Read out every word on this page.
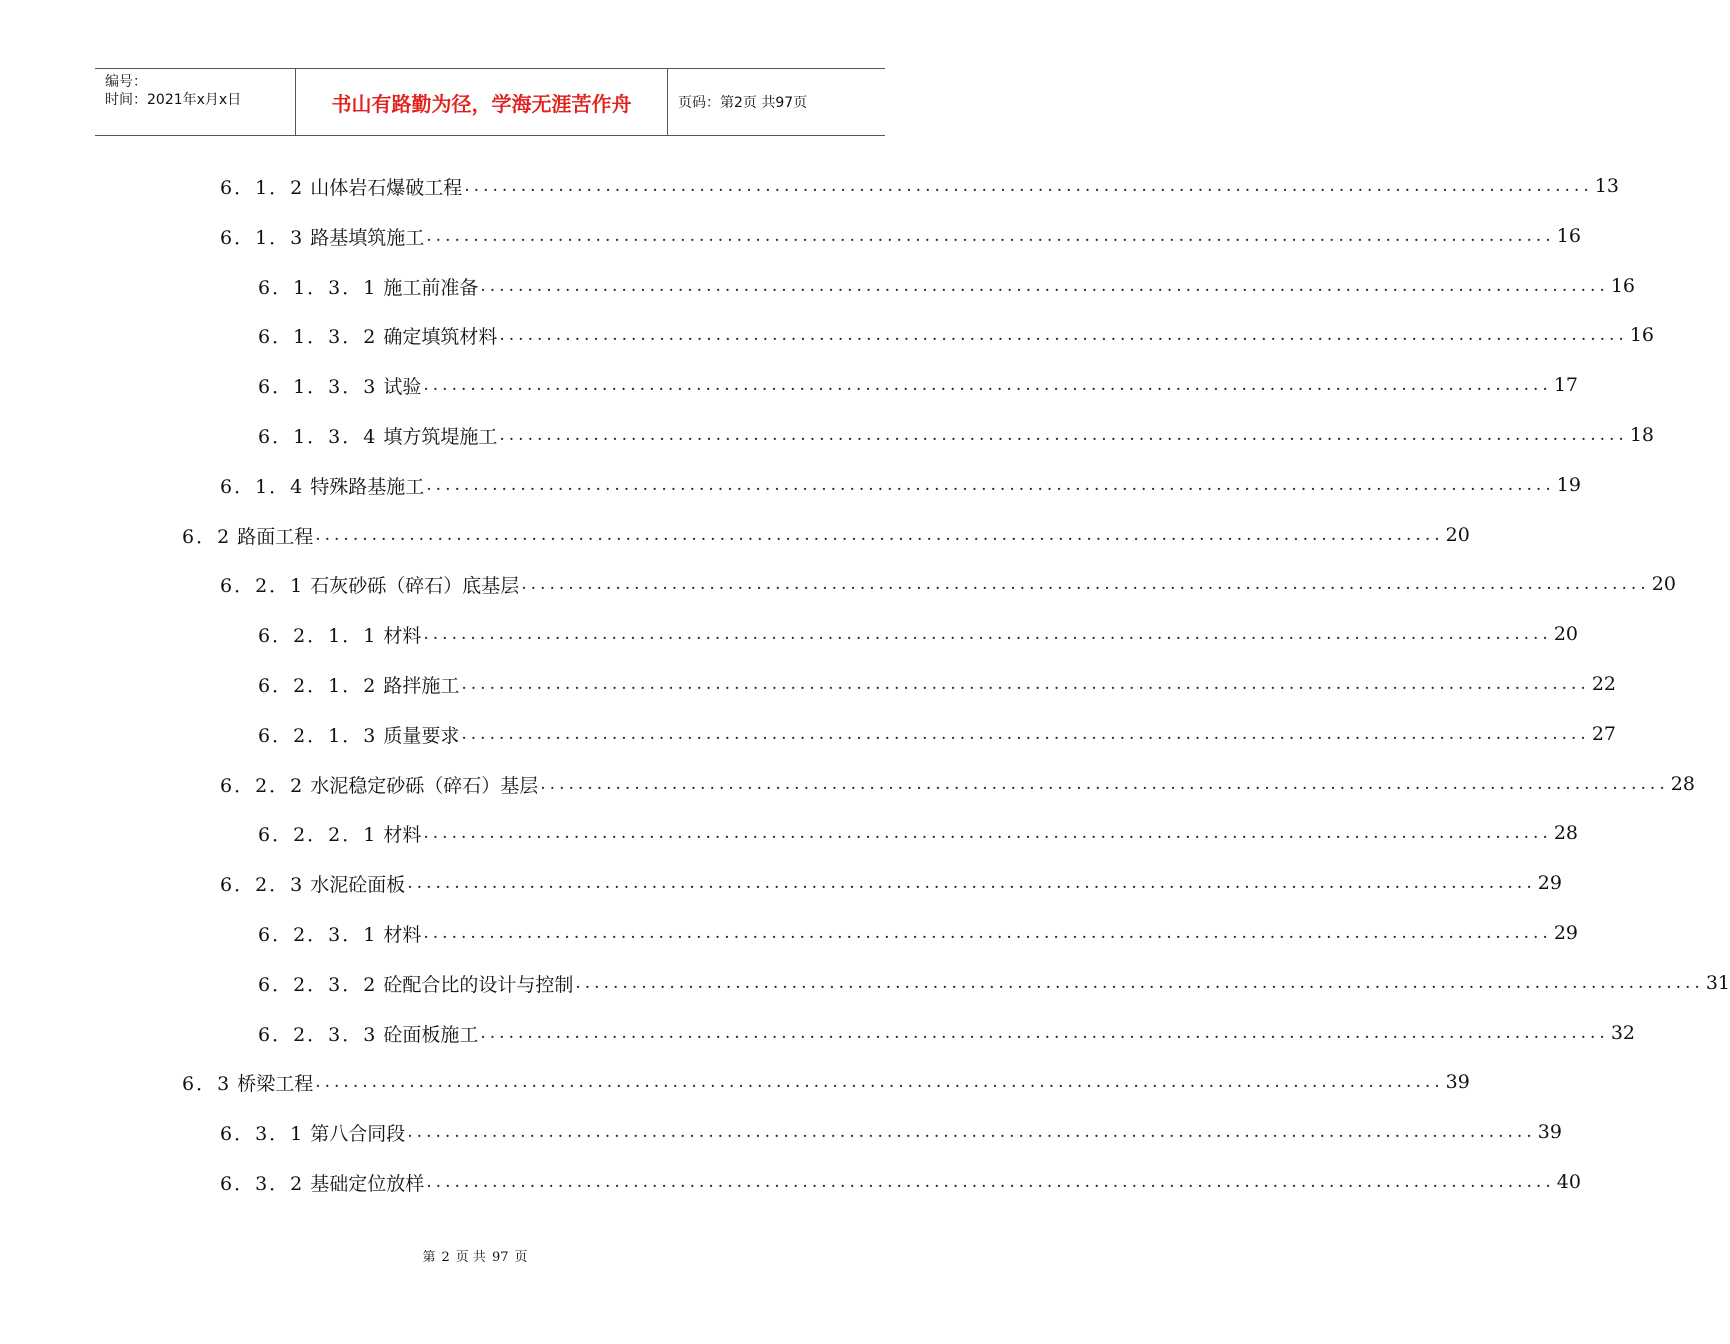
编号：
时间：2021年x月x日	书山有路勤为径，学海无涯苦作舟	页码：第2页 共97页
6．1．2 山体岩石爆破工程 ........................................................................................................................ 13
6．1．3 路基填筑施工 ........................................................................................................................ 16
6．1．3．1 施工前准备 ........................................................................................................................ 16
6．1．3．2 确定填筑材料 ........................................................................................................................ 16
6．1．3．3 试验 ........................................................................................................................ 17
6．1．3．4 填方筑堤施工 ........................................................................................................................ 18
6．1．4 特殊路基施工 ........................................................................................................................ 19
6．2 路面工程 ........................................................................................................................ 20
6．2．1 石灰砂砾（碎石）底基层 ........................................................................................................................ 20
6．2．1．1 材料 ........................................................................................................................ 20
6．2．1．2 路拌施工 ........................................................................................................................ 22
6．2．1．3 质量要求 ........................................................................................................................ 27
6．2．2 水泥稳定砂砾（碎石）基层 ........................................................................................................................ 28
6．2．2．1 材料 ........................................................................................................................ 28
6．2．3 水泥砼面板 ........................................................................................................................ 29
6．2．3．1 材料 ........................................................................................................................ 29
6．2．3．2 砼配合比的设计与控制 ........................................................................................................................ 31
6．2．3．3 砼面板施工 ........................................................................................................................ 32
6．3 桥梁工程 ........................................................................................................................ 39
6．3．1 第八合同段 ........................................................................................................................ 39
6．3．2 基础定位放样 ........................................................................................................................ 40
第 2 页 共 97 页
